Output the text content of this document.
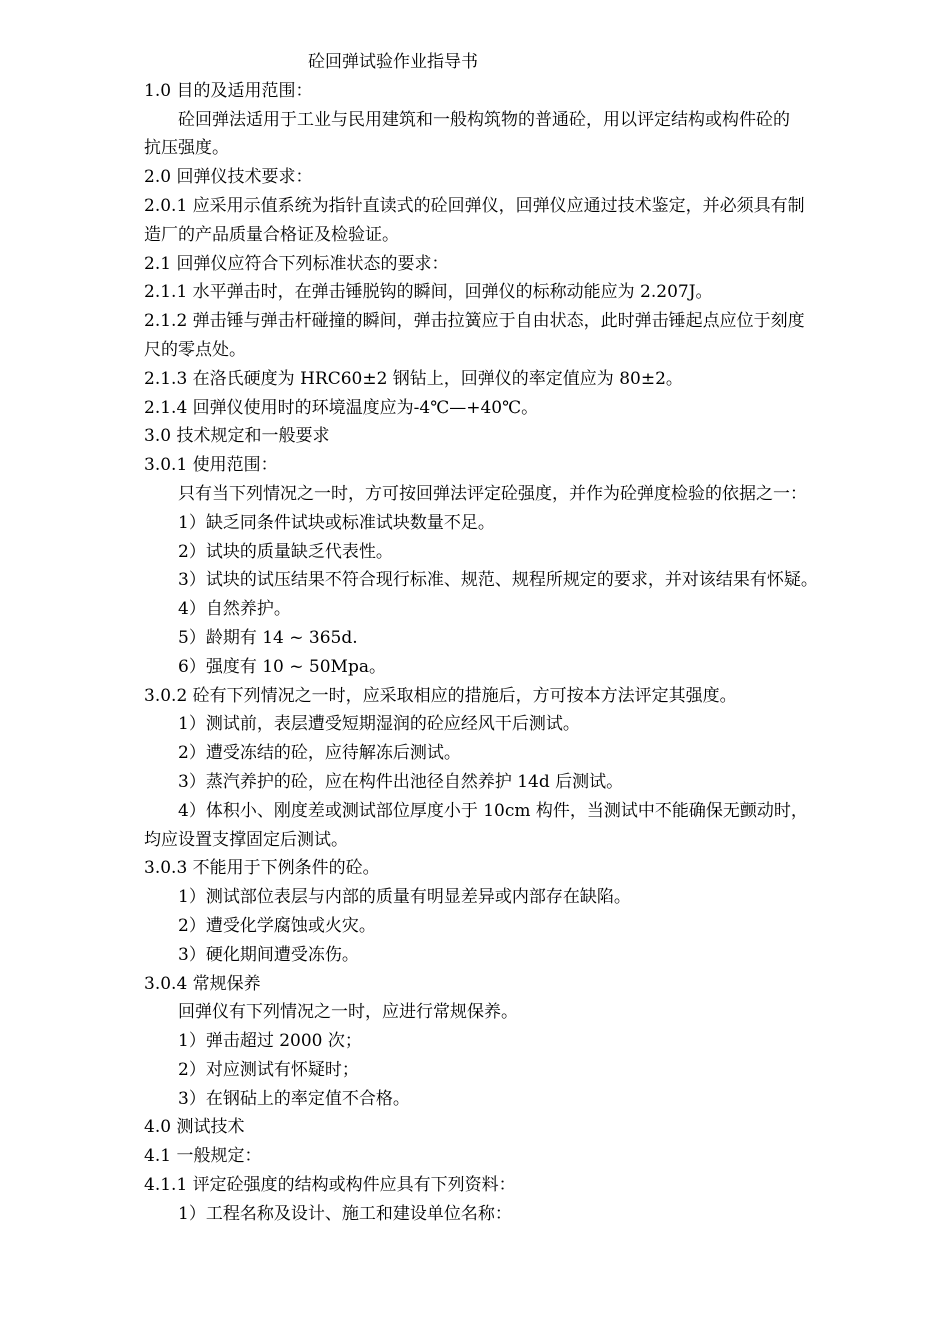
砼回弹试验作业指导书
1.0 目的及适用范围：
砼回弹法适用于工业与民用建筑和一般构筑物的普通砼，用以评定结构或构件砼的
抗压强度。
2.0 回弹仪技术要求：
2.0.1 应采用示值系统为指针直读式的砼回弹仪，回弹仪应通过技术鉴定，并必须具有制
造厂的产品质量合格证及检验证。
2.1 回弹仪应符合下列标准状态的要求：
2.1.1 水平弹击时，在弹击锤脱钩的瞬间，回弹仪的标称动能应为 2.207J。
2.1.2 弹击锤与弹击杆碰撞的瞬间，弹击拉簧应于自由状态，此时弹击锤起点应位于刻度
尺的零点处。
2.1.3 在洛氏硬度为 HRC60±2 钢钻上，回弹仪的率定值应为 80±2。
2.1.4 回弹仪使用时的环境温度应为-4℃—+40℃。
3.0 技术规定和一般要求
3.0.1 使用范围：
只有当下列情况之一时，方可按回弹法评定砼强度，并作为砼弹度检验的依据之一：
1）缺乏同条件试块或标准试块数量不足。
2）试块的质量缺乏代表性。
3）试块的试压结果不符合现行标准、规范、规程所规定的要求，并对该结果有怀疑。
4）自然养护。
5）龄期有 14 ~ 365d.
6）强度有 10 ~ 50Mpa。
3.0.2 砼有下列情况之一时，应采取相应的措施后，方可按本方法评定其强度。
1）测试前，表层遭受短期湿润的砼应经风干后测试。
2）遭受冻结的砼，应待解冻后测试。
3）蒸汽养护的砼，应在构件出池径自然养护 14d 后测试。
4）体积小、刚度差或测试部位厚度小于 10cm 构件，当测试中不能确保无颤动时，
均应设置支撑固定后测试。
3.0.3 不能用于下例条件的砼。
1）测试部位表层与内部的质量有明显差异或内部存在缺陷。
2）遭受化学腐蚀或火灾。
3）硬化期间遭受冻伤。
3.0.4 常规保养
回弹仪有下列情况之一时，应进行常规保养。
1）弹击超过 2000 次；
2）对应测试有怀疑时；
3）在钢砧上的率定值不合格。
4.0 测试技术
4.1 一般规定：
4.1.1 评定砼强度的结构或构件应具有下列资料：
1）工程名称及设计、施工和建设单位名称：
